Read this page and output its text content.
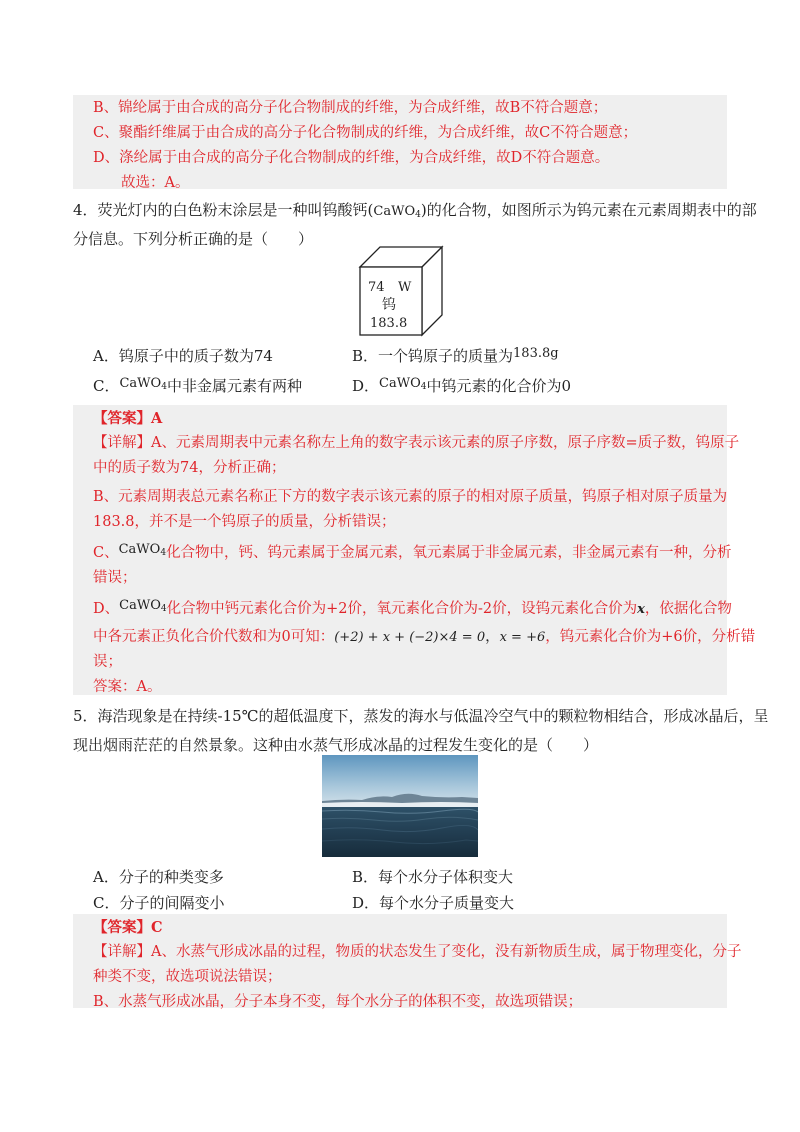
B、锦纶属于由合成的高分子化合物制成的纤维，为合成纤维，故B不符合题意；
C、聚酯纤维属于由合成的高分子化合物制成的纤维，为合成纤维，故C不符合题意；
D、涤纶属于由合成的高分子化合物制成的纤维，为合成纤维，故D不符合题意。
故选：A。
4．荧光灯内的白色粉末涂层是一种叫钨酸钙(CaWO$_4$)的化合物，如图所示为钨元素在元素周期表中的部
分信息。下列分析正确的是（　　）
74 W
钨
183.8
A．钨原子中的质子数为74	B．一个钨原子的质量为183.8g
C．CaWO$_4$中非金属元素有两种	D．CaWO$_4$中钨元素的化合价为0
【答案】A
【详解】A、元素周期表中元素名称左上角的数字表示该元素的原子序数，原子序数=质子数，钨原子
中的质子数为74，分析正确；
B、元素周期表总元素名称正下方的数字表示该元素的原子的相对原子质量，钨原子相对原子质量为
183.8，并不是一个钨原子的质量，分析错误；
C、CaWO$_4$化合物中，钙、钨元素属于金属元素，氧元素属于非金属元素，非金属元素有一种，分析
错误；
D、CaWO$_4$化合物中钙元素化合价为+2价，氧元素化合价为-2价，设钨元素化合价为x，依据化合物
中各元素正负化合价代数和为0可知：(+2) + x + (−2)×4 = 0，x = +6，钨元素化合价为+6价，分析错
误；
答案：A。
5．海浩现象是在持续-15℃的超低温度下，蒸发的海水与低温冷空气中的颗粒物相结合，形成冰晶后，呈
现出烟雨茫茫的自然景象。这种由水蒸气形成冰晶的过程发生变化的是（　　）
A．分子的种类变多	B．每个水分子体积变大
C．分子的间隔变小	D．每个水分子质量变大
【答案】C
【详解】A、水蒸气形成冰晶的过程，物质的状态发生了变化，没有新物质生成，属于物理变化，分子
种类不变，故选项说法错误；
B、水蒸气形成冰晶，分子本身不变，每个水分子的体积不变，故选项错误；
